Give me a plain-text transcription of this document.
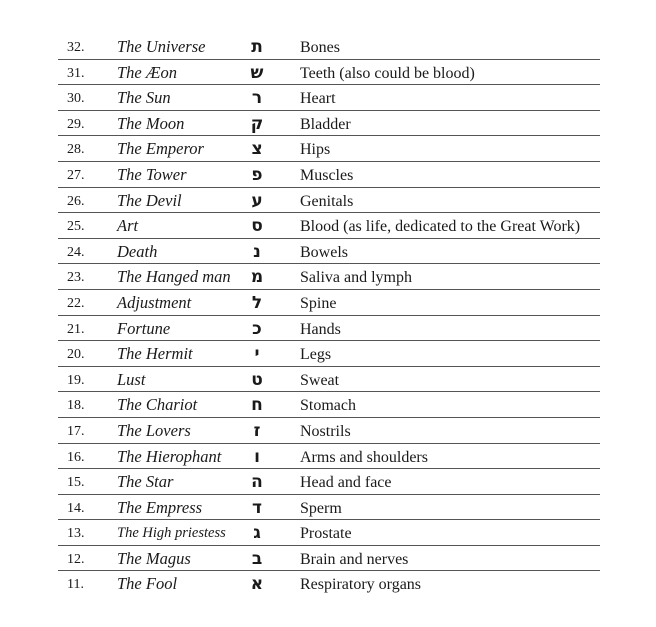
32. The Universe	ת	Bones
31. The Æon	ש Teeth (also could be blood)
30. The Sun	ר	Heart
29. The Moon	ק Bladder
28. The Emperor	צ	Hips
27. The Tower	פ	Muscles
26. The Devil	ע	Genitals
25. Art	ס	Blood (as life, dedicated to the Great Work)
24. Death	נ	Bowels
23. The Hanged man מ	Saliva and lymph
22. Adjustment	ל	Spine
21. Fortune	כ	Hands
20. The Hermit	י	Legs
19. Lust	ט	Sweat
18. The Chariot	ח	Stomach
17. The Lovers	ז	Nostrils
16. The Hierophant	ו	Arms and shoulders
15. The Star	ה	Head and face
14. The Empress	ד	Sperm
13. The High priestess	ג	Prostate
12. The Magus	ב	Brain and nerves
11. The Fool	א	Respiratory organs
